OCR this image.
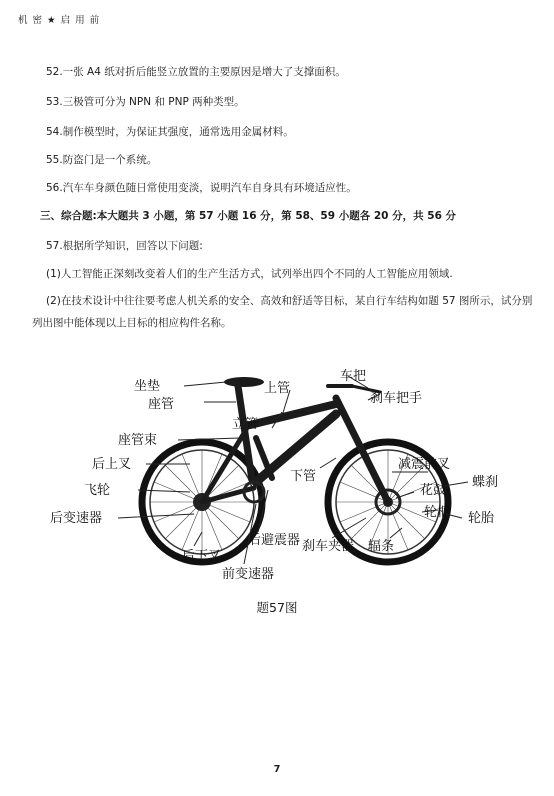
机 密 ★ 启 用 前
52.一张 A4 纸对折后能竖立放置的主要原因是增大了支撑面积。
53.三极管可分为 NPN 和 PNP 两种类型。
54.制作模型时，为保证其强度，通常选用金属材料。
55.防盗门是一个系统。
56.汽车车身颜色随日常使用变淡，说明汽车自身具有环境适应性。
三、综合题:本大题共 3 小题，第 57 小题 16 分，第 58、59 小题各 20 分，共 56 分
57.根据所学知识，回答以下问题:
(1)人工智能正深刻改变着人们的生产生活方式，试列举出四个不同的人工智能应用领域.
(2)在技术设计中往往要考虑人机关系的安全、高效和舒适等目标，某自行车结构如题 57 图所示，试分别列出图中能体现以上目标的相应构件名称。
坐垫
座管
上管
车把
刹车把手
立管
座管束
后上叉
飞轮
后变速器
下管
减震前叉
花鼓
蝶刹
轮框 轮胎
后下叉
后避震器 刹车夹器 辐条
前变速器
题57图
7
